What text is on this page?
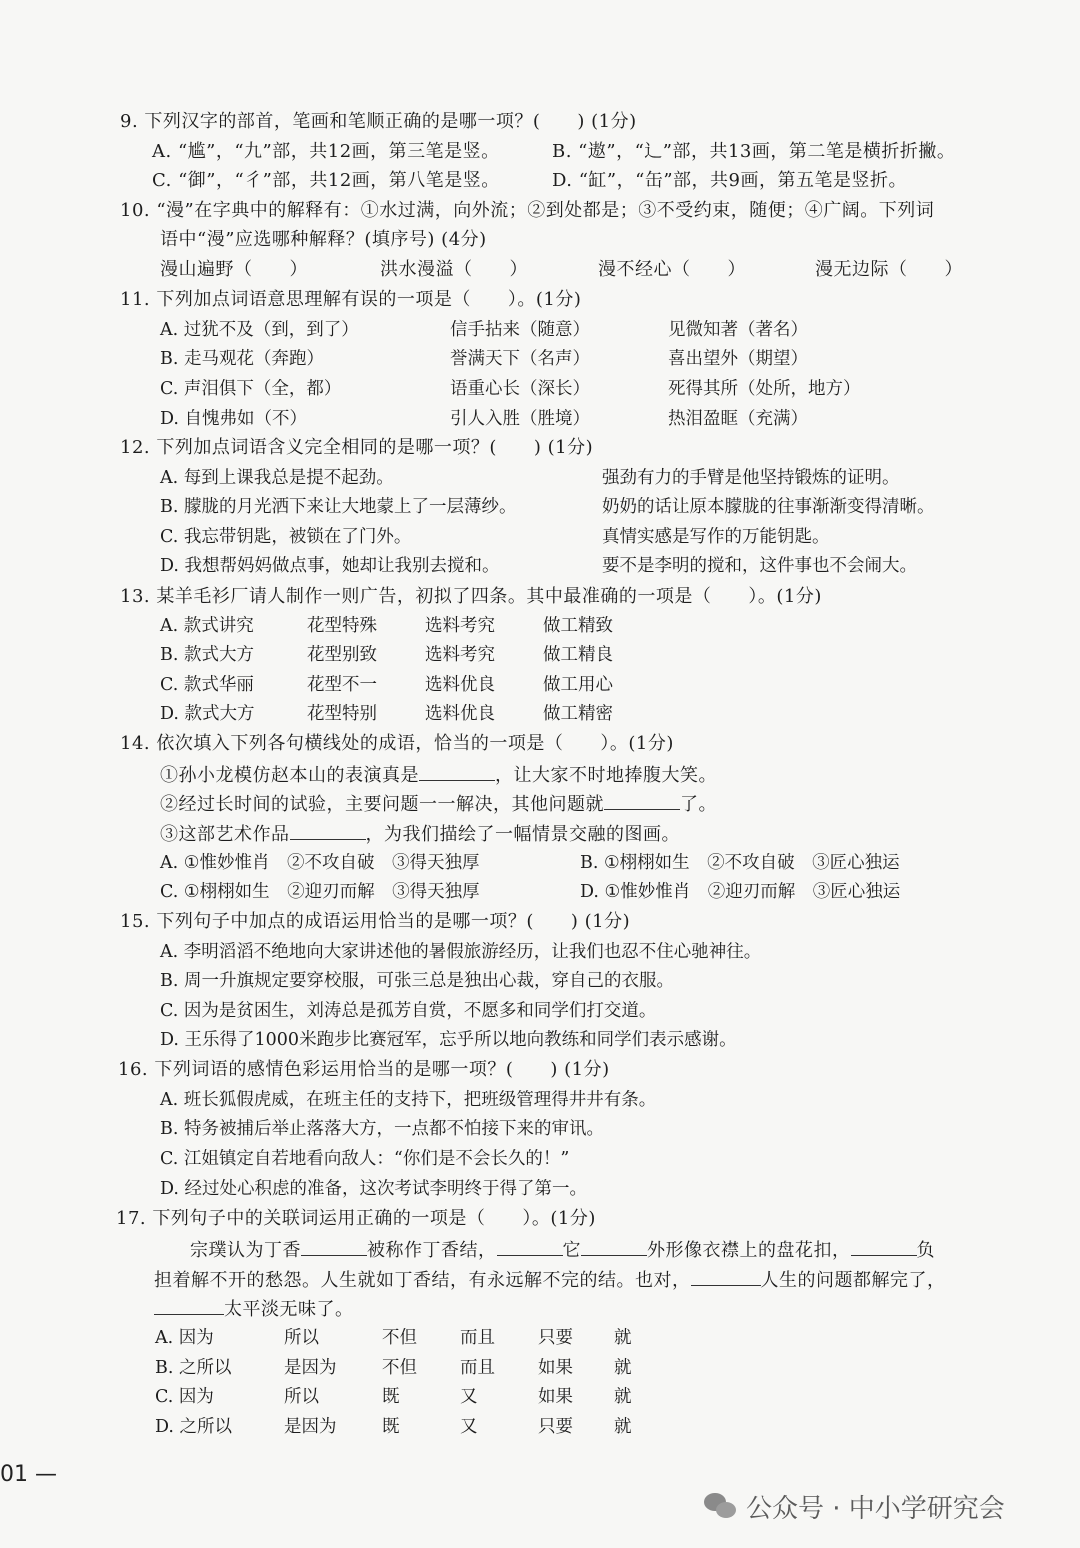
9. 下列汉字的部首，笔画和笔顺正确的是哪一项？(　　) (1分)
A. “尴”，“九”部，共12画，第三笔是竖。	B. “遨”，“辶”部，共13画，第二笔是横折折撇。
C. “御”，“彳”部，共12画，第八笔是竖。	D. “缸”，“缶”部，共9画，第五笔是竖折。
10. “漫”在字典中的解释有：①水过满，向外流；②到处都是；③不受约束，随便；④广阔。下列词
语中“漫”应选哪种解释？(填序号) (4分)
漫山遍野（　　）	洪水漫溢（　　）	漫不经心（　　）	漫无边际（　　）
11. 下列加点词语意思理解有误的一项是（　　）。(1分)
A. 过犹不及（到，到了）	信手拈来（随意）	见微知著（著名）
B. 走马观花（奔跑）	誉满天下（名声）	喜出望外（期望）
C. 声泪俱下（全，都）	语重心长（深长）	死得其所（处所，地方）
D. 自愧弗如（不）	引人入胜（胜境）	热泪盈眶（充满）
12. 下列加点词语含义完全相同的是哪一项？(　　) (1分)
A. 每到上课我总是提不起劲。	强劲有力的手臂是他坚持锻炼的证明。
B. 朦胧的月光洒下来让大地蒙上了一层薄纱。	奶奶的话让原本朦胧的往事渐渐变得清晰。
C. 我忘带钥匙，被锁在了门外。	真情实感是写作的万能钥匙。
D. 我想帮妈妈做点事，她却让我别去搅和。	要不是李明的搅和，这件事也不会闹大。
13. 某羊毛衫厂请人制作一则广告，初拟了四条。其中最准确的一项是（　　）。(1分)
A. 款式讲究	花型特殊	选料考究	做工精致
B. 款式大方	花型别致	选料考究	做工精良
C. 款式华丽	花型不一	选料优良	做工用心
D. 款式大方	花型特别	选料优良	做工精密
14. 依次填入下列各句横线处的成语，恰当的一项是（　　）。(1分)
①孙小龙模仿赵本山的表演真是	，让大家不时地捧腹大笑。
②经过长时间的试验，主要问题一一解决，其他问题就	了。
③这部艺术作品	，为我们描绘了一幅情景交融的图画。
A. ①惟妙惟肖　②不攻自破　③得天独厚	B. ①栩栩如生　②不攻自破　③匠心独运
C. ①栩栩如生　②迎刃而解　③得天独厚	D. ①惟妙惟肖　②迎刃而解　③匠心独运
15. 下列句子中加点的成语运用恰当的是哪一项？(　　) (1分)
A. 李明滔滔不绝地向大家讲述他的暑假旅游经历，让我们也忍不住心驰神往。
B. 周一升旗规定要穿校服，可张三总是独出心裁，穿自己的衣服。
C. 因为是贫困生，刘涛总是孤芳自赏，不愿多和同学们打交道。
D. 王乐得了1000米跑步比赛冠军，忘乎所以地向教练和同学们表示感谢。
16. 下列词语的感情色彩运用恰当的是哪一项？(　　) (1分)
A. 班长狐假虎威，在班主任的支持下，把班级管理得井井有条。
B. 特务被捕后举止落落大方，一点都不怕接下来的审讯。
C. 江姐镇定自若地看向敌人：“你们是不会长久的！”
D. 经过处心积虑的准备，这次考试李明终于得了第一。
17. 下列句子中的关联词运用正确的一项是（　　）。(1分)
宗璞认为丁香	被称作丁香结，	它	外形像衣襟上的盘花扣，	负
担着解不开的愁怨。人生就如丁香结，有永远解不完的结。也对，	人生的问题都解完了，
太平淡无味了。
A. 因为	所以	不但 而且 只要 就
B. 之所以	是因为	不但 而且 如果 就
C. 因为	所以	既	又	如果 就
D. 之所以	是因为	既	又	只要 就
01 —
公众号 · 中小学研究会
